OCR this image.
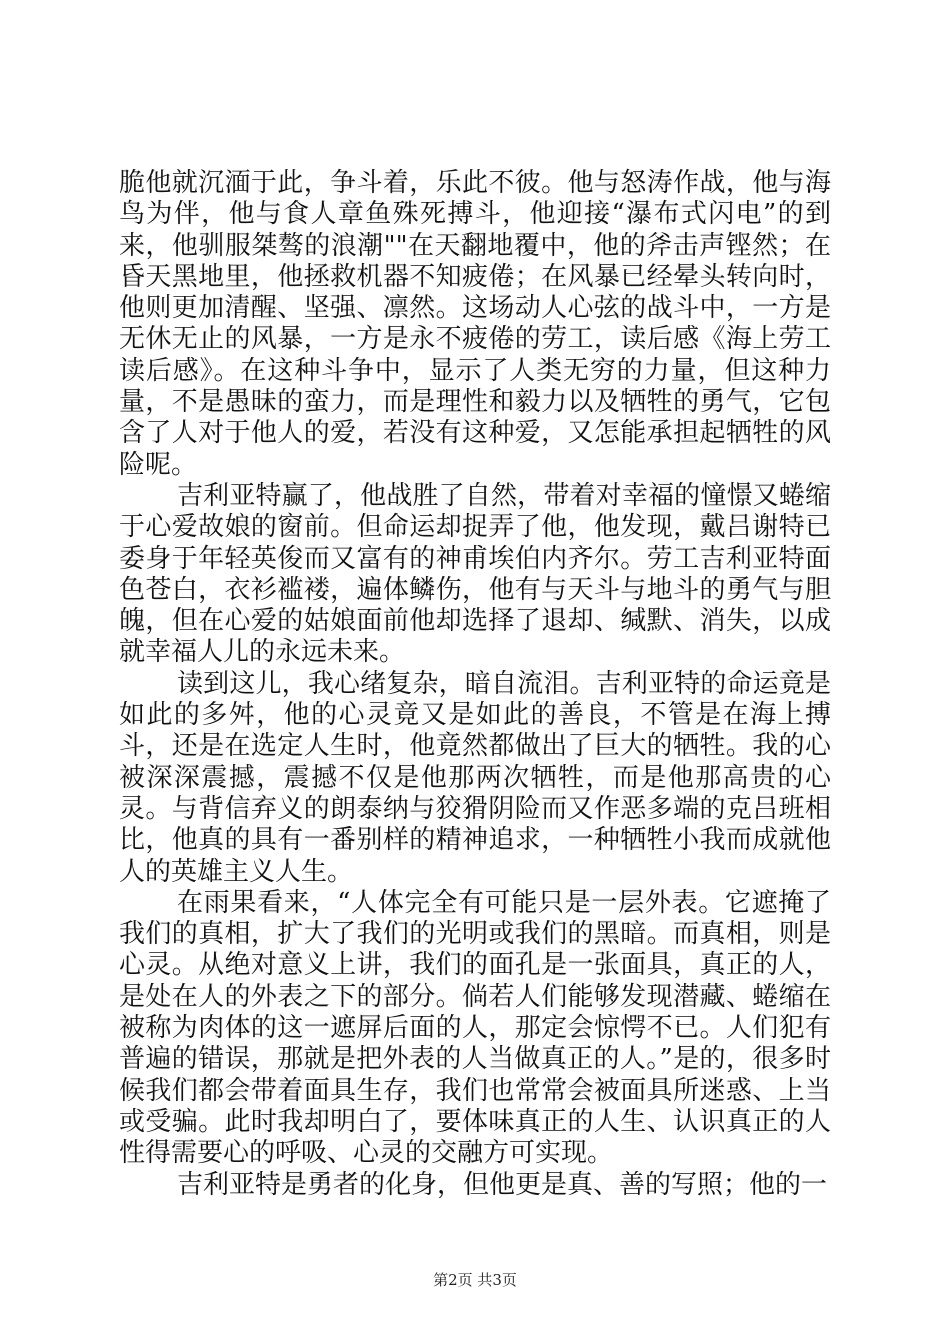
脆他就沉湎于此，争斗着，乐此不彼。他与怒涛作战，他与海鸟为伴，他与食人章鱼殊死搏斗，他迎接“瀑布式闪电”的到来，他驯服桀骜的浪潮""在天翻地覆中，他的斧击声铿然；在昏天黑地里，他拯救机器不知疲倦；在风暴已经晕头转向时，他则更加清醒、坚强、凛然。这场动人心弦的战斗中，一方是无休无止的风暴，一方是永不疲倦的劳工，读后感《海上劳工读后感》。在这种斗争中，显示了人类无穷的力量，但这种力量，不是愚昧的蛮力，而是理性和毅力以及牺牲的勇气，它包含了人对于他人的爱，若没有这种爱，又怎能承担起牺牲的风险呢。

吉利亚特赢了，他战胜了自然，带着对幸福的憧憬又蜷缩于心爱故娘的窗前。但命运却捉弄了他，他发现，戴吕谢特已委身于年轻英俊而又富有的神甫埃伯内齐尔。劳工吉利亚特面色苍白，衣衫褴褛，遍体鳞伤，他有与天斗与地斗的勇气与胆魄，但在心爱的姑娘面前他却选择了退却、缄默、消失，以成就幸福人儿的永远未来。

读到这儿，我心绪复杂，暗自流泪。吉利亚特的命运竟是如此的多舛，他的心灵竟又是如此的善良，不管是在海上搏斗，还是在选定人生时，他竟然都做出了巨大的牺牲。我的心被深深震撼，震撼不仅是他那两次牺牲，而是他那高贵的心灵。与背信弃义的朗泰纳与狡猾阴险而又作恶多端的克吕班相比，他真的具有一番别样的精神追求，一种牺牲小我而成就他人的英雄主义人生。

在雨果看来，“人体完全有可能只是一层外表。它遮掩了我们的真相，扩大了我们的光明或我们的黑暗。而真相，则是心灵。从绝对意义上讲，我们的面孔是一张面具，真正的人，是处在人的外表之下的部分。倘若人们能够发现潜藏、蜷缩在被称为肉体的这一遮屏后面的人，那定会惊愕不已。人们犯有普遍的错误，那就是把外表的人当做真正的人。”是的，很多时候我们都会带着面具生存，我们也常常会被面具所迷惑、上当或受骗。此时我却明白了，要体味真正的人生、认识真正的人性得需要心的呼吸、心灵的交融方可实现。

吉利亚特是勇者的化身，但他更是真、善的写照；他的一

第2页 共3页
